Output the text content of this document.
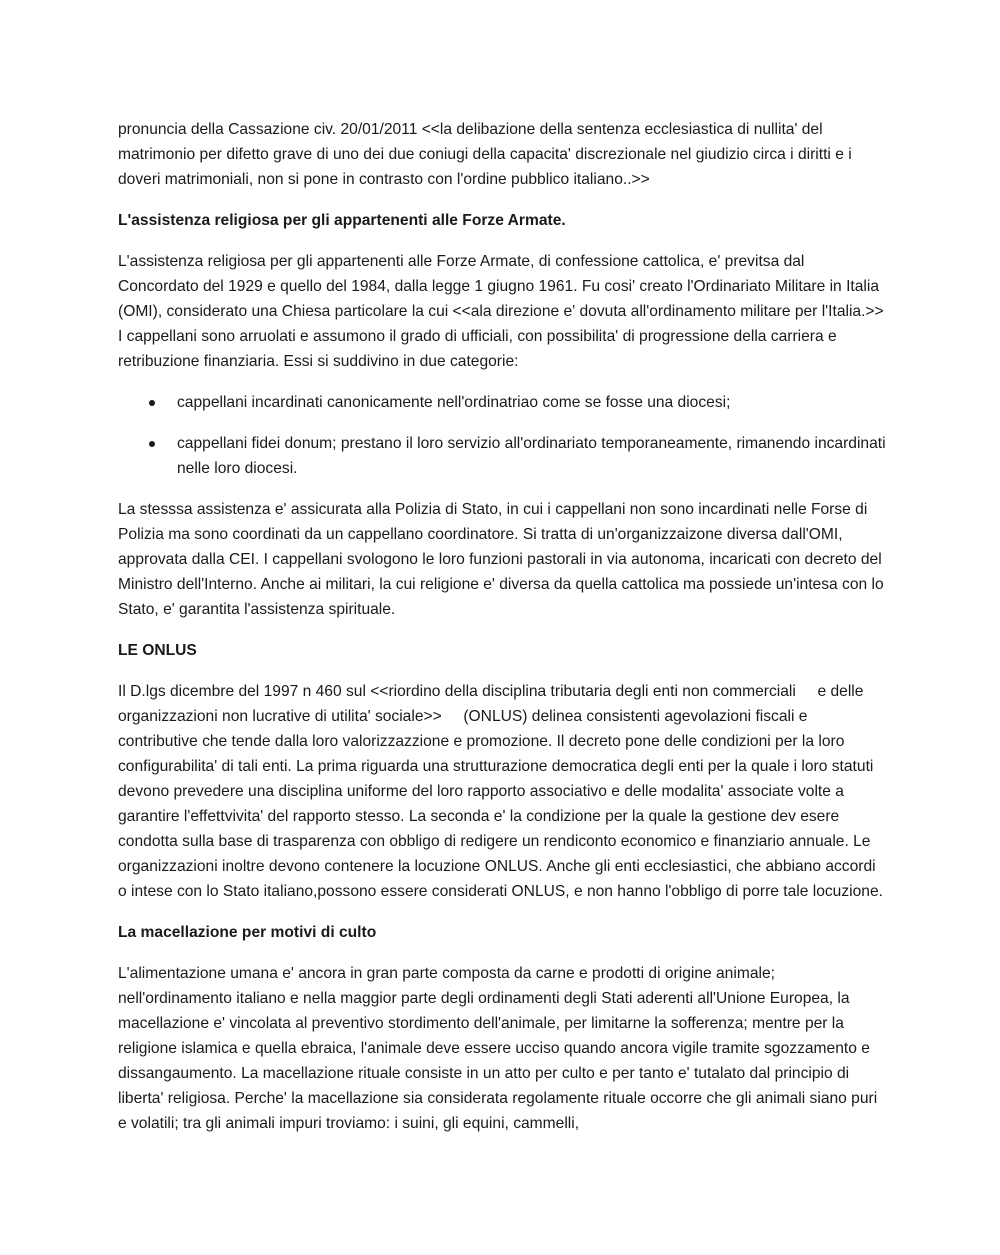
pronuncia della Cassazione civ. 20/01/2011 <<la delibazione della sentenza ecclesiastica di nullita' del matrimonio per difetto grave di uno dei due coniugi della capacita' discrezionale nel giudizio circa i diritti e i doveri matrimoniali, non si pone in contrasto con l'ordine pubblico italiano..>>

L'assistenza religiosa per gli appartenenti alle Forze Armate.

L'assistenza religiosa per gli appartenenti alle Forze Armate, di confessione cattolica, e' previtsa dal Concordato del 1929 e quello del 1984, dalla legge 1 giugno 1961. Fu cosi' creato l'Ordinariato Militare in Italia (OMI), considerato una Chiesa particolare la cui <<ala direzione e' dovuta all'ordinamento militare per l'Italia.>> I cappellani sono arruolati e assumono il grado di ufficiali, con possibilita' di progressione della carriera e retribuzione finanziaria. Essi si suddivino in due categorie:

cappellani incardinati canonicamente nell'ordinatriao come se fosse una diocesi;
cappellani fidei donum; prestano il loro servizio all'ordinariato temporaneamente, rimanendo incardinati nelle loro diocesi.

La stesssa assistenza e' assicurata alla Polizia di Stato, in cui i cappellani non sono incardinati nelle Forse di Polizia ma sono coordinati da un cappellano coordinatore. Si tratta di un'organizzaizone diversa dall'OMI, approvata dalla CEI. I cappellani svologono le loro funzioni pastorali in via autonoma, incaricati con decreto del Ministro dell'Interno. Anche ai militari, la cui religione e' diversa da quella cattolica ma possiede un'intesa con lo Stato, e' garantita l'assistenza spirituale.

LE ONLUS

Il D.lgs dicembre del 1997 n 460 sul <<riordino della disciplina tributaria degli enti non commerciali     e delle organizzazioni non lucrative di utilita' sociale>>     (ONLUS) delinea consistenti agevolazioni fiscali e contributive che tende dalla loro valorizzazzione e promozione. Il decreto pone delle condizioni per la loro     configurabilita' di tali enti. La prima riguarda una strutturazione democratica degli enti per la quale i loro statuti devono prevedere una disciplina uniforme del loro rapporto associativo e delle modalita' associate volte a garantire l'effettvivita' del rapporto stesso. La seconda e' la condizione per la quale la gestione dev esere condotta sulla base di trasparenza con obbligo di redigere un rendiconto economico e finanziario annuale. Le organizzazioni inoltre devono contenere la locuzione ONLUS. Anche gli enti ecclesiastici, che abbiano accordi o intese con lo Stato italiano,possono essere considerati ONLUS, e non hanno l'obbligo di porre tale locuzione.

La macellazione per motivi di culto

L'alimentazione umana e' ancora in gran parte composta da carne e prodotti di origine animale; nell'ordinamento italiano e nella maggior parte degli ordinamenti degli Stati aderenti all'Unione Europea, la macellazione e' vincolata al preventivo stordimento dell'animale, per limitarne la sofferenza; mentre per la religione islamica e quella ebraica, l'animale deve essere ucciso quando ancora vigile tramite sgozzamento e dissangaumento. La macellazione rituale consiste in un atto per culto e per tanto e' tutalato dal principio di liberta' religiosa. Perche' la macellazione sia considerata regolamente rituale occorre che gli animali siano puri e volatili; tra gli animali impuri troviamo: i suini, gli equini, cammelli,
